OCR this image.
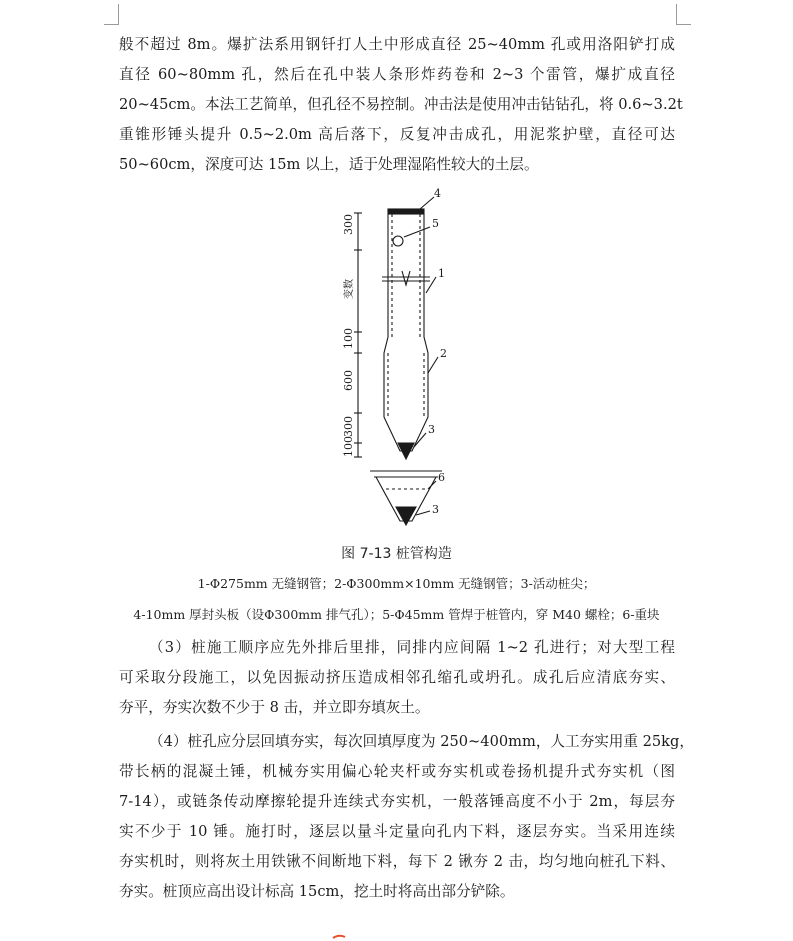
般不超过 8m。爆扩法系用钢钎打人土中形成直径 25~40mm 孔或用洛阳铲打成
直径 60~80mm 孔，然后在孔中装人条形炸药卷和 2~3 个雷管，爆扩成直径
20~45cm。本法工艺简单，但孔径不易控制。冲击法是使用冲击钻钻孔，将 0.6~3.2t
重锥形锤头提升 0.5~2.0m 高后落下，反复冲击成孔，用泥浆护壁，直径可达
50~60cm，深度可达 15m 以上，适于处理湿陷性较大的土层。
300
变数
100
600
300
100
4
5
1
2
3
6
3
图 7-13 桩管构造
1-Φ275mm 无缝钢管；2-Φ300mm×10mm 无缝钢管；3-活动桩尖；
4-10mm 厚封头板（设Φ300mm 排气孔）；5-Φ45mm 管焊于桩管内，穿 M40 螺栓；6-重块
（3）桩施工顺序应先外排后里排，同排内应间隔 1~2 孔进行；对大型工程
可采取分段施工，以免因振动挤压造成相邻孔缩孔或坍孔。成孔后应清底夯实、
夯平，夯实次数不少于 8 击，并立即夯填灰土。
（4）桩孔应分层回填夯实，每次回填厚度为 250~400mm，人工夯实用重 25kg，
带长柄的混凝土锤，机械夯实用偏心轮夹杆或夯实机或卷扬机提升式夯实机（图
7-14），或链条传动摩擦轮提升连续式夯实机，一般落锤高度不小于 2m，每层夯
实不少于 10 锤。施打时，逐层以量斗定量向孔内下料，逐层夯实。当采用连续
夯实机时，则将灰土用铁锹不间断地下料，每下 2 锹夯 2 击，均匀地向桩孔下料、
夯实。桩顶应高出设计标高 15cm，挖土时将高出部分铲除。
